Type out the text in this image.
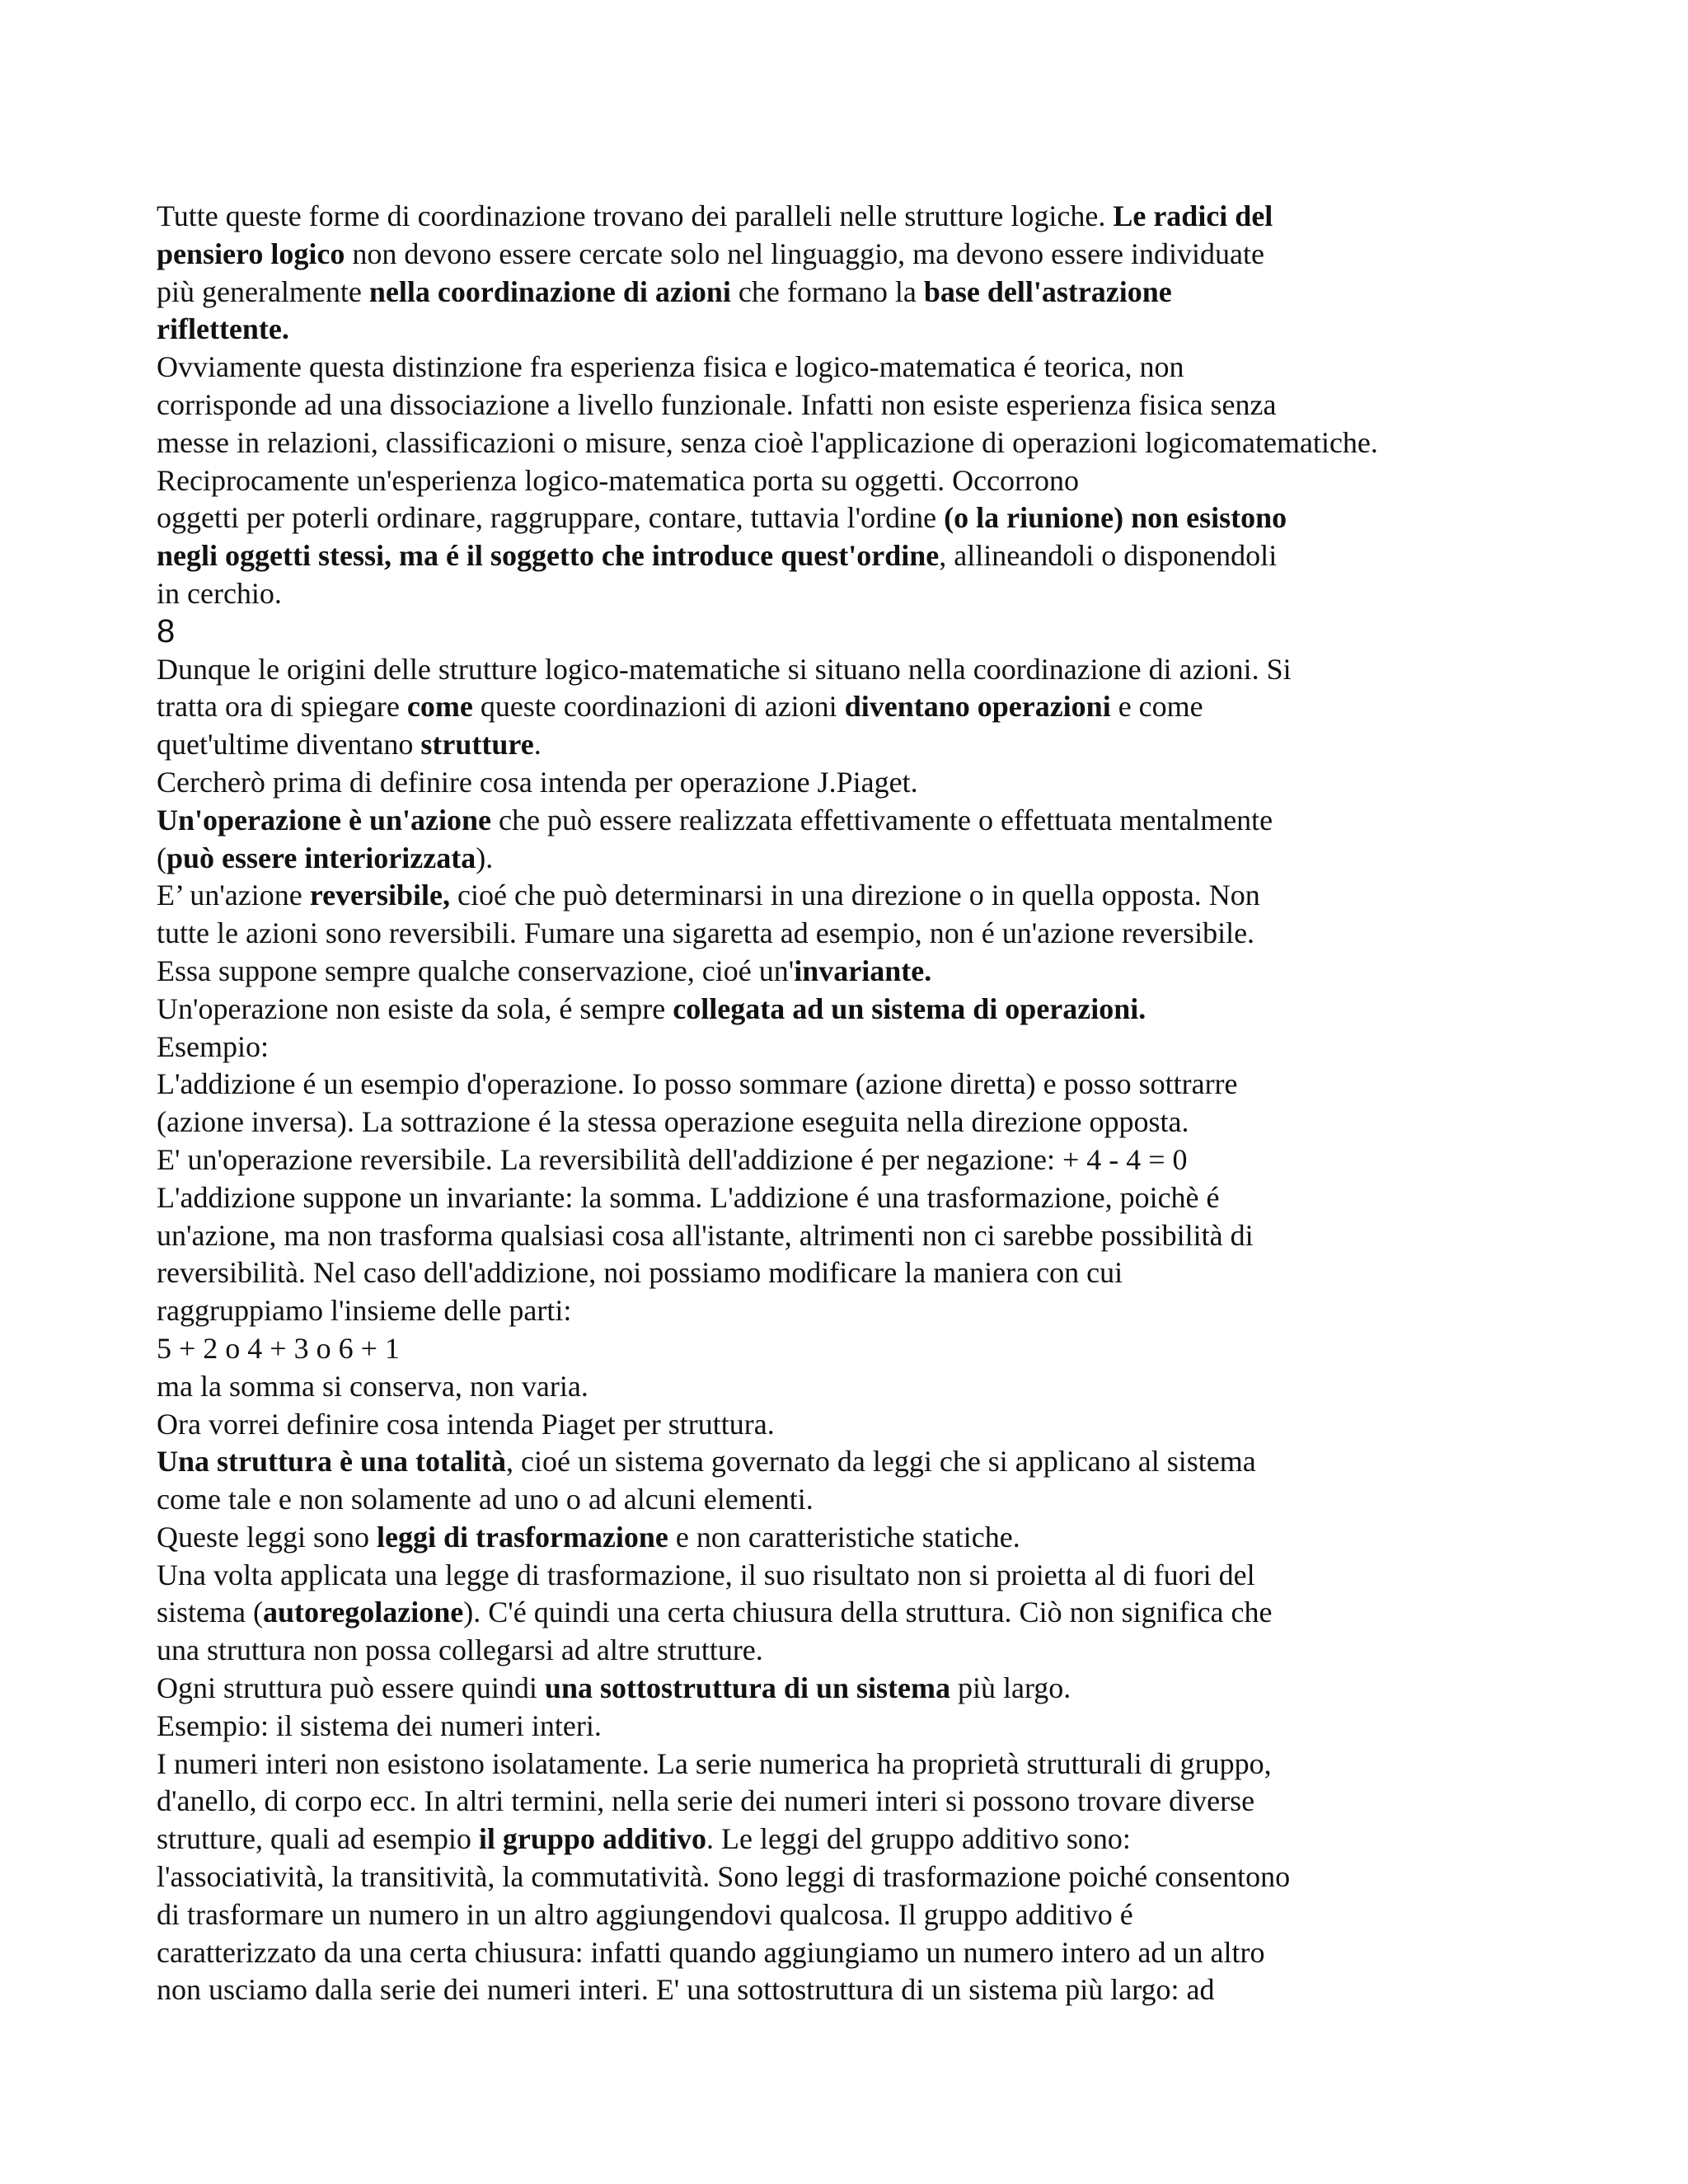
Tutte queste forme di coordinazione trovano dei paralleli nelle strutture logiche. Le radici del
pensiero logico non devono essere cercate solo nel linguaggio, ma devono essere individuate
più generalmente nella coordinazione di azioni che formano la base dell'astrazione
riflettente.
Ovviamente questa distinzione fra esperienza fisica e logico-matematica é teorica, non
corrisponde ad una dissociazione a livello funzionale. Infatti non esiste esperienza fisica senza
messe in relazioni, classificazioni o misure, senza cioè l'applicazione di operazioni logicomatematiche.
Reciprocamente un'esperienza logico-matematica porta su oggetti. Occorrono
oggetti per poterli ordinare, raggruppare, contare, tuttavia l'ordine (o la riunione) non esistono
negli oggetti stessi, ma é il soggetto che introduce quest'ordine, allineandoli o disponendoli
in cerchio.
8
Dunque le origini delle strutture logico-matematiche si situano nella coordinazione di azioni. Si
tratta ora di spiegare come queste coordinazioni di azioni diventano operazioni e come
quet'ultime diventano strutture.
Cercherò prima di definire cosa intenda per operazione J.Piaget.
Un'operazione è un'azione che può essere realizzata effettivamente o effettuata mentalmente
(può essere interiorizzata).
E’ un'azione reversibile, cioé che può determinarsi in una direzione o in quella opposta. Non
tutte le azioni sono reversibili. Fumare una sigaretta ad esempio, non é un'azione reversibile.
Essa suppone sempre qualche conservazione, cioé un'invariante.
Un'operazione non esiste da sola, é sempre collegata ad un sistema di operazioni.
Esempio:
L'addizione é un esempio d'operazione. Io posso sommare (azione diretta) e posso sottrarre
(azione inversa). La sottrazione é la stessa operazione eseguita nella direzione opposta.
E' un'operazione reversibile. La reversibilità dell'addizione é per negazione: + 4 - 4 = 0
L'addizione suppone un invariante: la somma. L'addizione é una trasformazione, poichè é
un'azione, ma non trasforma qualsiasi cosa all'istante, altrimenti non ci sarebbe possibilità di
reversibilità. Nel caso dell'addizione, noi possiamo modificare la maniera con cui
raggruppiamo l'insieme delle parti:
5 + 2 o 4 + 3 o 6 + 1
ma la somma si conserva, non varia.
Ora vorrei definire cosa intenda Piaget per struttura.
Una struttura è una totalità, cioé un sistema governato da leggi che si applicano al sistema
come tale e non solamente ad uno o ad alcuni elementi.
Queste leggi sono leggi di trasformazione e non caratteristiche statiche.
Una volta applicata una legge di trasformazione, il suo risultato non si proietta al di fuori del
sistema (autoregolazione). C'é quindi una certa chiusura della struttura. Ciò non significa che
una struttura non possa collegarsi ad altre strutture.
Ogni struttura può essere quindi una sottostruttura di un sistema più largo.
Esempio: il sistema dei numeri interi.
I numeri interi non esistono isolatamente. La serie numerica ha proprietà strutturali di gruppo,
d'anello, di corpo ecc. In altri termini, nella serie dei numeri interi si possono trovare diverse
strutture, quali ad esempio il gruppo additivo. Le leggi del gruppo additivo sono:
l'associatività, la transitività, la commutatività. Sono leggi di trasformazione poiché consentono
di trasformare un numero in un altro aggiungendovi qualcosa. Il gruppo additivo é
caratterizzato da una certa chiusura: infatti quando aggiungiamo un numero intero ad un altro
non usciamo dalla serie dei numeri interi. E' una sottostruttura di un sistema più largo: ad
